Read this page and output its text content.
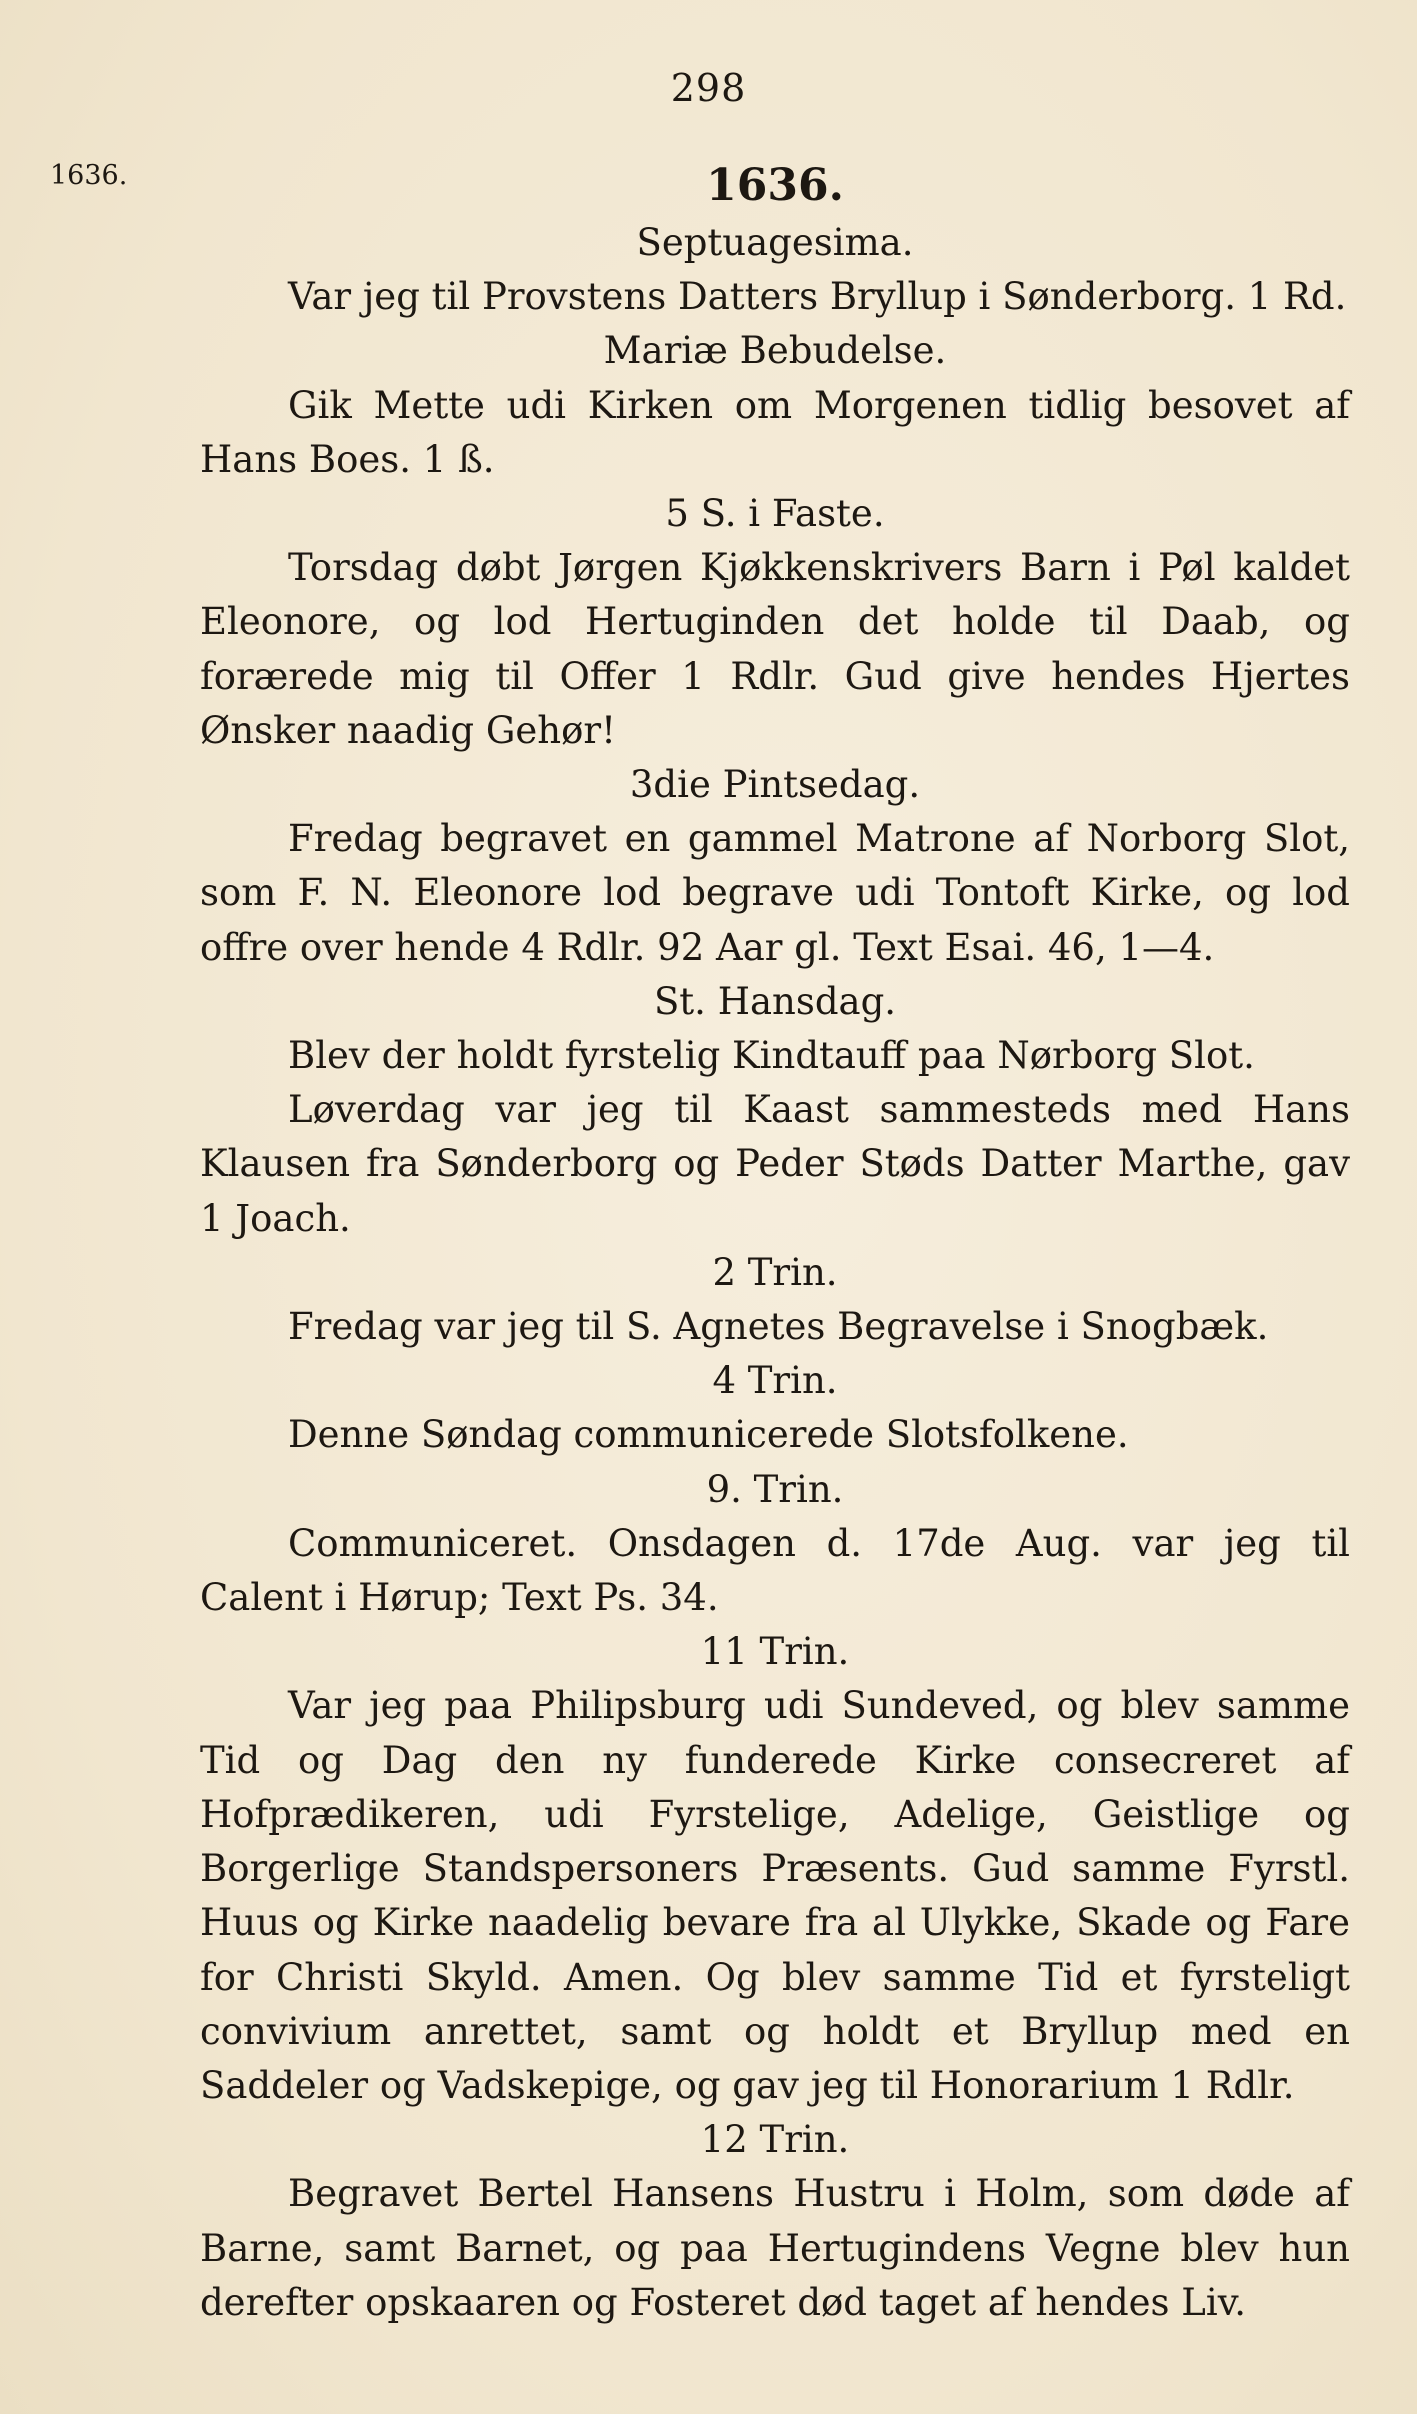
298
1636.	1636.

Septuagesima.

Var jeg til Provstens Datters Bryllup i Sønderborg. 1 Rd.

Mariæ Bebudelse.

Gik Mette udi Kirken om Morgenen tidlig besovet af Hans Boes. 1 ß.

5 S. i Faste.

Torsdag døbt Jørgen Kjøkkenskrivers Barn i Pøl kaldet Eleonore, og lod Hertuginden det holde til Daab, og forærede mig til Offer 1 Rdlr. Gud give hendes Hjertes Ønsker naadig Gehør!

3die Pintsedag.

Fredag begravet en gammel Matrone af Norborg Slot, som F. N. Eleonore lod begrave udi Tontoft Kirke, og lod offre over hende 4 Rdlr. 92 Aar gl. Text Esai. 46, 1—4.

St. Hansdag.

Blev der holdt fyrstelig Kindtauff paa Nørborg Slot.

Løverdag var jeg til Kaast sammesteds med Hans Klausen fra Sønderborg og Peder Støds Datter Marthe, gav 1 Joach.

2 Trin.

Fredag var jeg til S. Agnetes Begravelse i Snogbæk.

4 Trin.

Denne Søndag communicerede Slotsfolkene.

9. Trin.

Communiceret. Onsdagen d. 17de Aug. var jeg til Calent i Hørup; Text Ps. 34.

11 Trin.

Var jeg paa Philipsburg udi Sundeved, og blev samme Tid og Dag den ny funderede Kirke consecreret af Hofprædikeren, udi Fyrstelige, Adelige, Geistlige og Borgerlige Standspersoners Præsents. Gud samme Fyrstl. Huus og Kirke naadelig bevare fra al Ulykke, Skade og Fare for Christi Skyld. Amen. Og blev samme Tid et fyrsteligt convivium anrettet, samt og holdt et Bryllup med en Saddeler og Vadskepige, og gav jeg til Honorarium 1 Rdlr.

12 Trin.

Begravet Bertel Hansens Hustru i Holm, som døde af Barne, samt Barnet, og paa Hertugindens Vegne blev hun derefter opskaaren og Fosteret død taget af hendes Liv.
